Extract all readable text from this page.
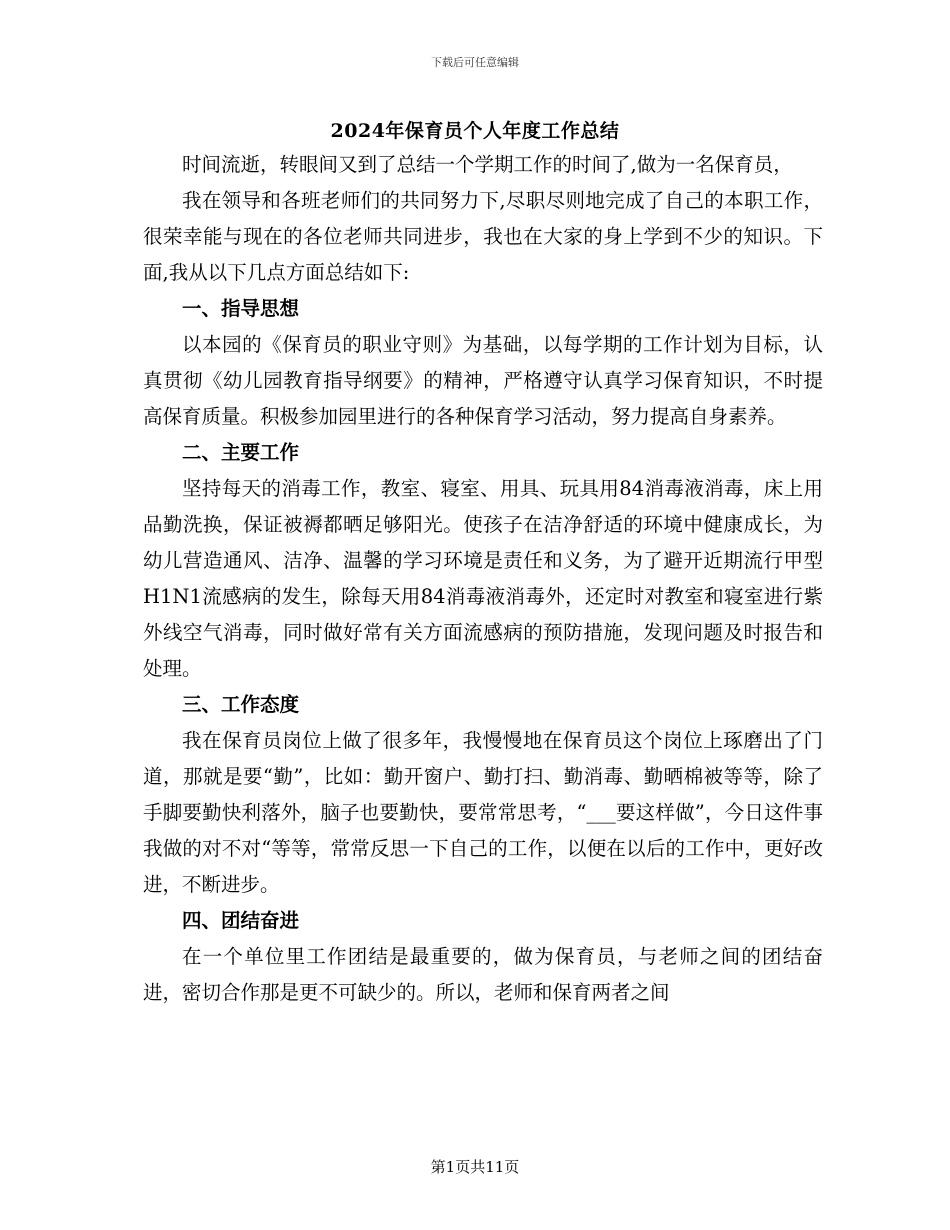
下载后可任意编辑
2024年保育员个人年度工作总结

时间流逝，转眼间又到了总结一个学期工作的时间了,做为一名保育员，

我在领导和各班老师们的共同努力下,尽职尽则地完成了自己的本职工作，很荣幸能与现在的各位老师共同进步，我也在大家的身上学到不少的知识。下面,我从以下几点方面总结如下:

一、指导思想

以本园的《保育员的职业守则》为基础，以每学期的工作计划为目标，认真贯彻《幼儿园教育指导纲要》的精神，严格遵守认真学习保育知识，不时提高保育质量。积极参加园里进行的各种保育学习活动，努力提高自身素养。

二、主要工作

坚持每天的消毒工作，教室、寝室、用具、玩具用84消毒液消毒，床上用品勤洗换，保证被褥都晒足够阳光。使孩子在洁净舒适的环境中健康成长，为幼儿营造通风、洁净、温馨的学习环境是责任和义务，为了避开近期流行甲型H1N1流感病的发生，除每天用84消毒液消毒外，还定时对教室和寝室进行紫外线空气消毒，同时做好常有关方面流感病的预防措施，发现问题及时报告和处理。

三、工作态度

我在保育员岗位上做了很多年，我慢慢地在保育员这个岗位上琢磨出了门道，那就是要“勤”，比如：勤开窗户、勤打扫、勤消毒、勤晒棉被等等，除了手脚要勤快利落外，脑子也要勤快，要常常思考，“___要这样做”，今日这件事我做的对不对“等等，常常反思一下自己的工作，以便在以后的工作中，更好改进，不断进步。

四、团结奋进

在一个单位里工作团结是最重要的，做为保育员，与老师之间的团结奋进，密切合作那是更不可缺少的。所以，老师和保育两者之间

第1页共11页
